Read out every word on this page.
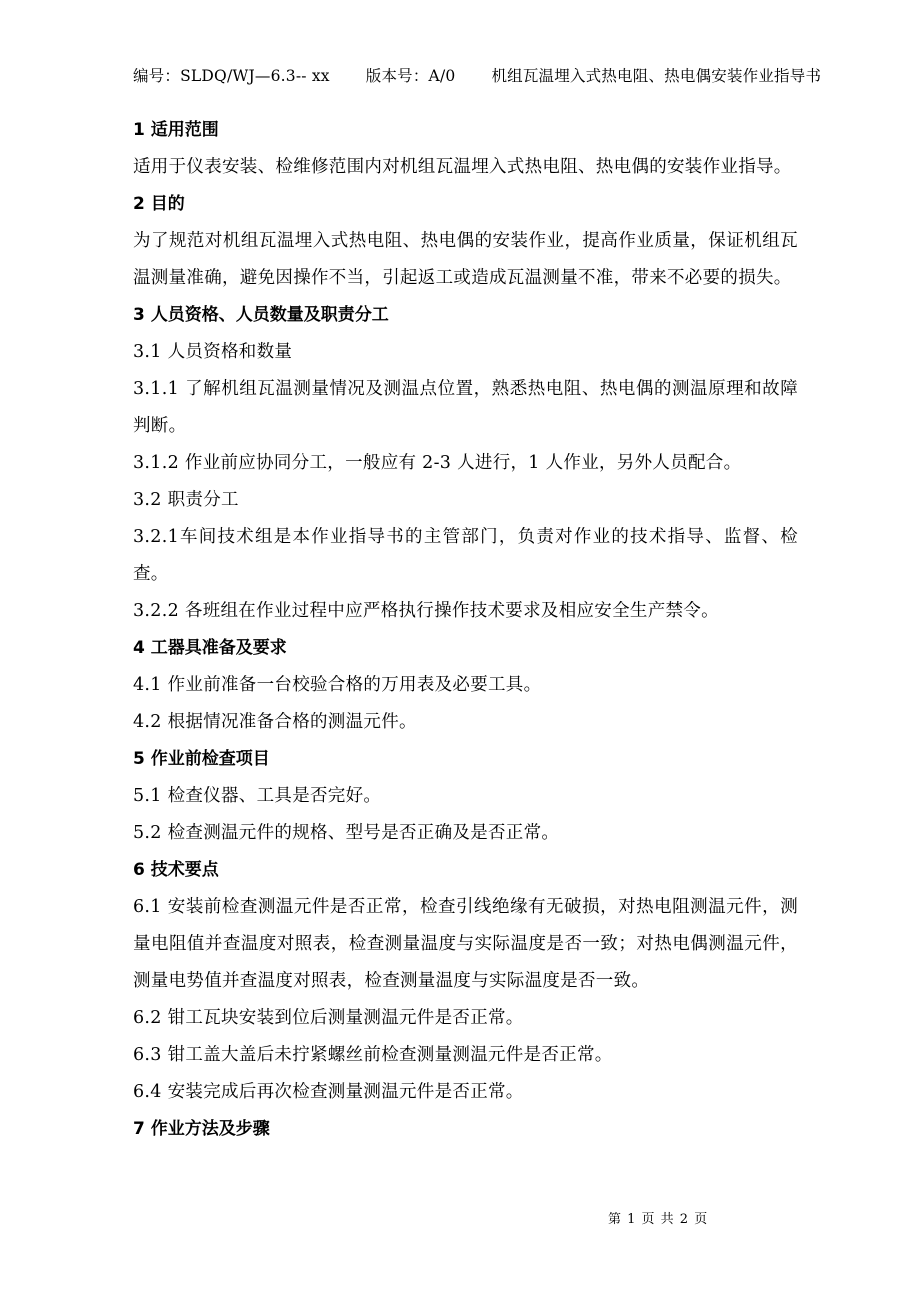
编号：SLDQ/WJ—6.3-- xx 版本号：A/0 机组瓦温埋入式热电阻、热电偶安装作业指导书
1 适用范围
适用于仪表安装、检维修范围内对机组瓦温埋入式热电阻、热电偶的安装作业指导。
2 目的
为了规范对机组瓦温埋入式热电阻、热电偶的安装作业，提高作业质量，保证机组瓦温测量准确，避免因操作不当，引起返工或造成瓦温测量不准，带来不必要的损失。
3 人员资格、人员数量及职责分工
3.1 人员资格和数量
3.1.1 了解机组瓦温测量情况及测温点位置，熟悉热电阻、热电偶的测温原理和故障判断。
3.1.2 作业前应协同分工，一般应有 2-3 人进行，1 人作业，另外人员配合。
3.2 职责分工
3.2.1车间技术组是本作业指导书的主管部门，负责对作业的技术指导、监督、检查。
3.2.2 各班组在作业过程中应严格执行操作技术要求及相应安全生产禁令。
4 工器具准备及要求
4.1 作业前准备一台校验合格的万用表及必要工具。
4.2 根据情况准备合格的测温元件。
5 作业前检查项目
5.1 检查仪器、工具是否完好。
5.2 检查测温元件的规格、型号是否正确及是否正常。
6 技术要点
6.1 安装前检查测温元件是否正常，检查引线绝缘有无破损，对热电阻测温元件，测量电阻值并查温度对照表，检查测量温度与实际温度是否一致；对热电偶测温元件，测量电势值并查温度对照表，检查测量温度与实际温度是否一致。
6.2 钳工瓦块安装到位后测量测温元件是否正常。
6.3 钳工盖大盖后未拧紧螺丝前检查测量测温元件是否正常。
6.4 安装完成后再次检查测量测温元件是否正常。
7 作业方法及步骤
第 1 页 共 2 页
